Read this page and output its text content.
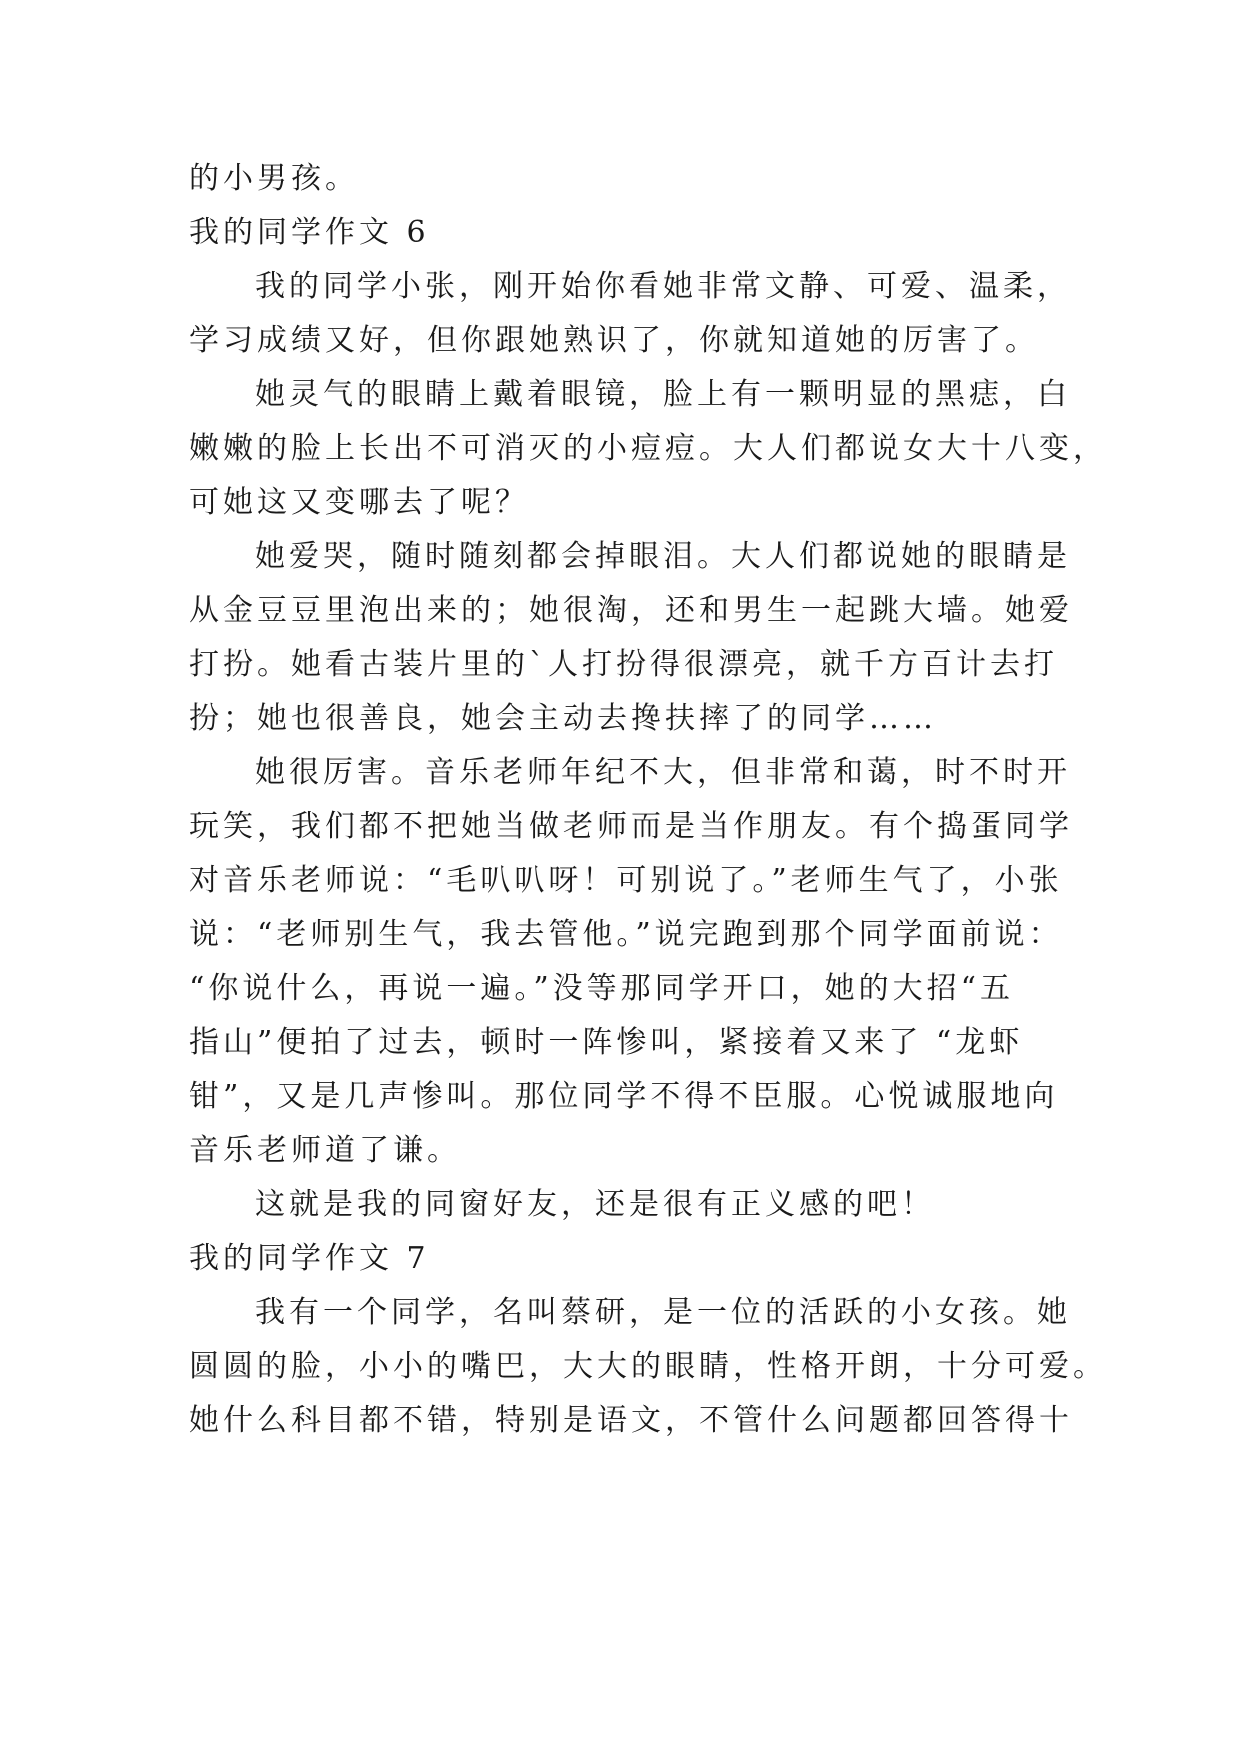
的小男孩。
我的同学作文 6
我的同学小张，刚开始你看她非常文静、可爱、温柔，
学习成绩又好，但你跟她熟识了，你就知道她的厉害了。
她灵气的眼睛上戴着眼镜，脸上有一颗明显的黑痣，白
嫩嫩的脸上长出不可消灭的小痘痘。大人们都说女大十八变，
可她这又变哪去了呢？
她爱哭，随时随刻都会掉眼泪。大人们都说她的眼睛是
从金豆豆里泡出来的；她很淘，还和男生一起跳大墙。她爱
打扮。她看古装片里的`人打扮得很漂亮，就千方百计去打
扮；她也很善良，她会主动去搀扶摔了的同学……
她很厉害。音乐老师年纪不大，但非常和蔼，时不时开
玩笑，我们都不把她当做老师而是当作朋友。有个捣蛋同学
对音乐老师说：“毛叭叭呀！可别说了。”老师生气了，小张
说：“老师别生气，我去管他。”说完跑到那个同学面前说：
“你说什么，再说一遍。”没等那同学开口，她的大招“五
指山”便拍了过去，顿时一阵惨叫，紧接着又来了 “龙虾
钳”，又是几声惨叫。那位同学不得不臣服。心悦诚服地向
音乐老师道了谦。
这就是我的同窗好友，还是很有正义感的吧！
我的同学作文 7
我有一个同学，名叫蔡研，是一位的活跃的小女孩。她
圆圆的脸，小小的嘴巴，大大的眼睛，性格开朗，十分可爱。
她什么科目都不错，特别是语文，不管什么问题都回答得十
